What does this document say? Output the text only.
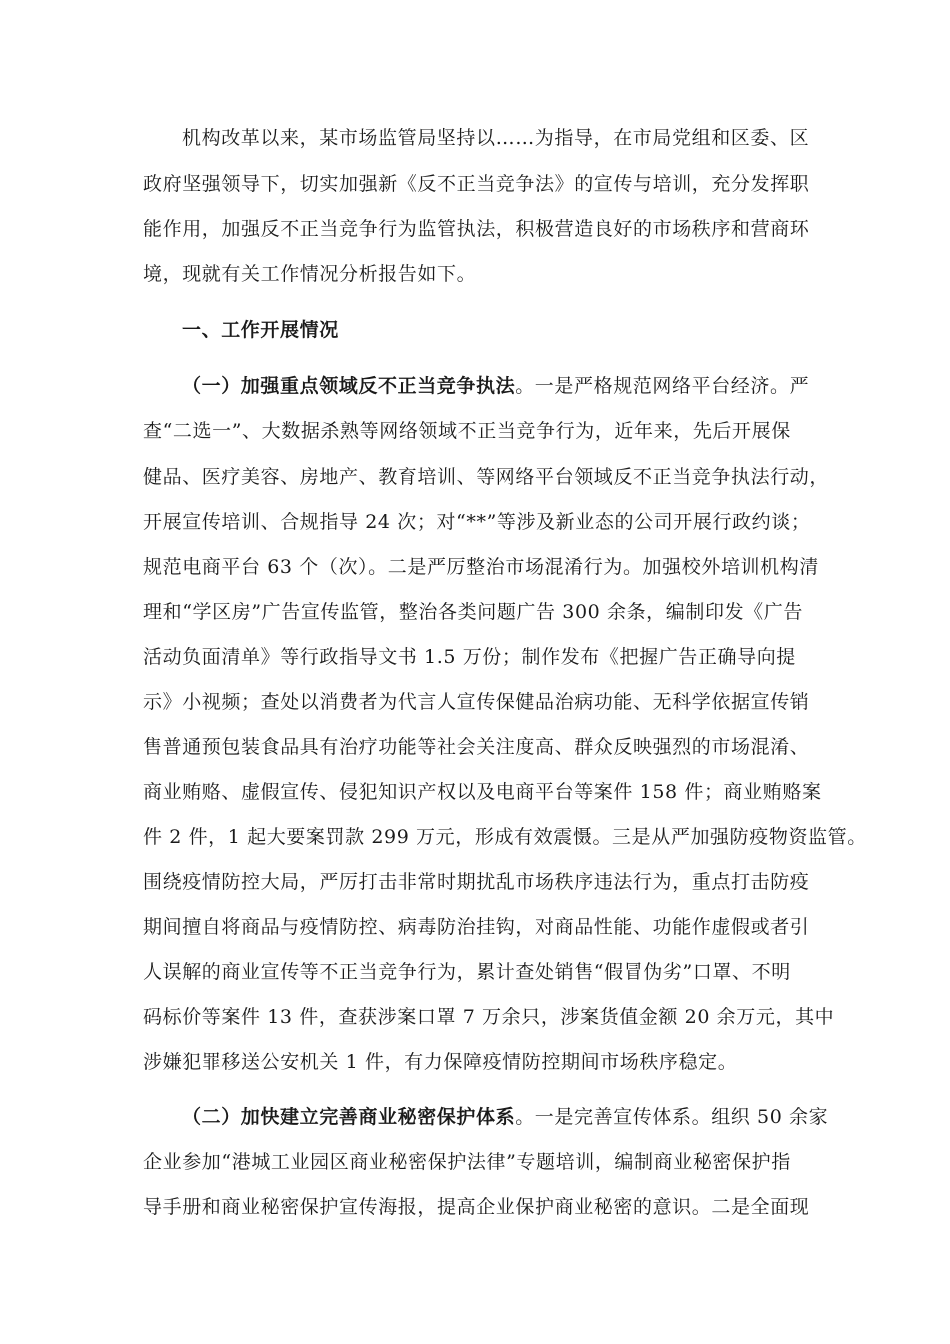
机构改革以来，某市场监管局坚持以……为指导，在市局党组和区委、区
政府坚强领导下，切实加强新《反不正当竞争法》的宣传与培训，充分发挥职
能作用，加强反不正当竞争行为监管执法，积极营造良好的市场秩序和营商环
境，现就有关工作情况分析报告如下。
一、工作开展情况
（一）加强重点领域反不正当竞争执法。一是严格规范网络平台经济。严
查“二选一”、大数据杀熟等网络领域不正当竞争行为，近年来，先后开展保
健品、医疗美容、房地产、教育培训、等网络平台领域反不正当竞争执法行动，
开展宣传培训、合规指导 24 次；对“**”等涉及新业态的公司开展行政约谈；
规范电商平台 63 个（次）。二是严厉整治市场混淆行为。加强校外培训机构清
理和“学区房”广告宣传监管，整治各类问题广告 300 余条，编制印发《广告
活动负面清单》等行政指导文书 1.5 万份；制作发布《把握广告正确导向提
示》小视频；查处以消费者为代言人宣传保健品治病功能、无科学依据宣传销
售普通预包装食品具有治疗功能等社会关注度高、群众反映强烈的市场混淆、
商业贿赂、虚假宣传、侵犯知识产权以及电商平台等案件 158 件；商业贿赂案
件 2 件，1 起大要案罚款 299 万元，形成有效震慑。三是从严加强防疫物资监管。
围绕疫情防控大局，严厉打击非常时期扰乱市场秩序违法行为，重点打击防疫
期间擅自将商品与疫情防控、病毒防治挂钩，对商品性能、功能作虚假或者引
人误解的商业宣传等不正当竞争行为，累计查处销售“假冒伪劣”口罩、不明
码标价等案件 13 件，查获涉案口罩 7 万余只，涉案货值金额 20 余万元，其中
涉嫌犯罪移送公安机关 1 件，有力保障疫情防控期间市场秩序稳定。
（二）加快建立完善商业秘密保护体系。一是完善宣传体系。组织 50 余家
企业参加“港城工业园区商业秘密保护法律”专题培训，编制商业秘密保护指
导手册和商业秘密保护宣传海报，提高企业保护商业秘密的意识。二是全面现
